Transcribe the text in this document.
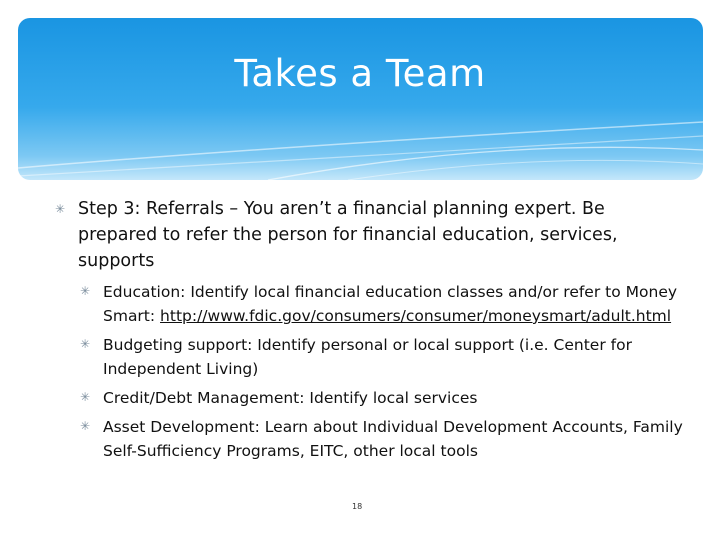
Takes a Team
✳ Step 3: Referrals – You aren’t a financial planning expert. Be prepared to refer the person for financial education, services, supports
✳ Education: Identify local financial education classes and/or refer to Money Smart: http://www.fdic.gov/consumers/consumer/moneysmart/adult.html
✳ Budgeting support: Identify personal or local support (i.e. Center for Independent Living)
✳ Credit/Debt Management: Identify local services
✳ Asset Development: Learn about Individual Development Accounts, Family Self-Sufficiency Programs, EITC, other local tools
18
